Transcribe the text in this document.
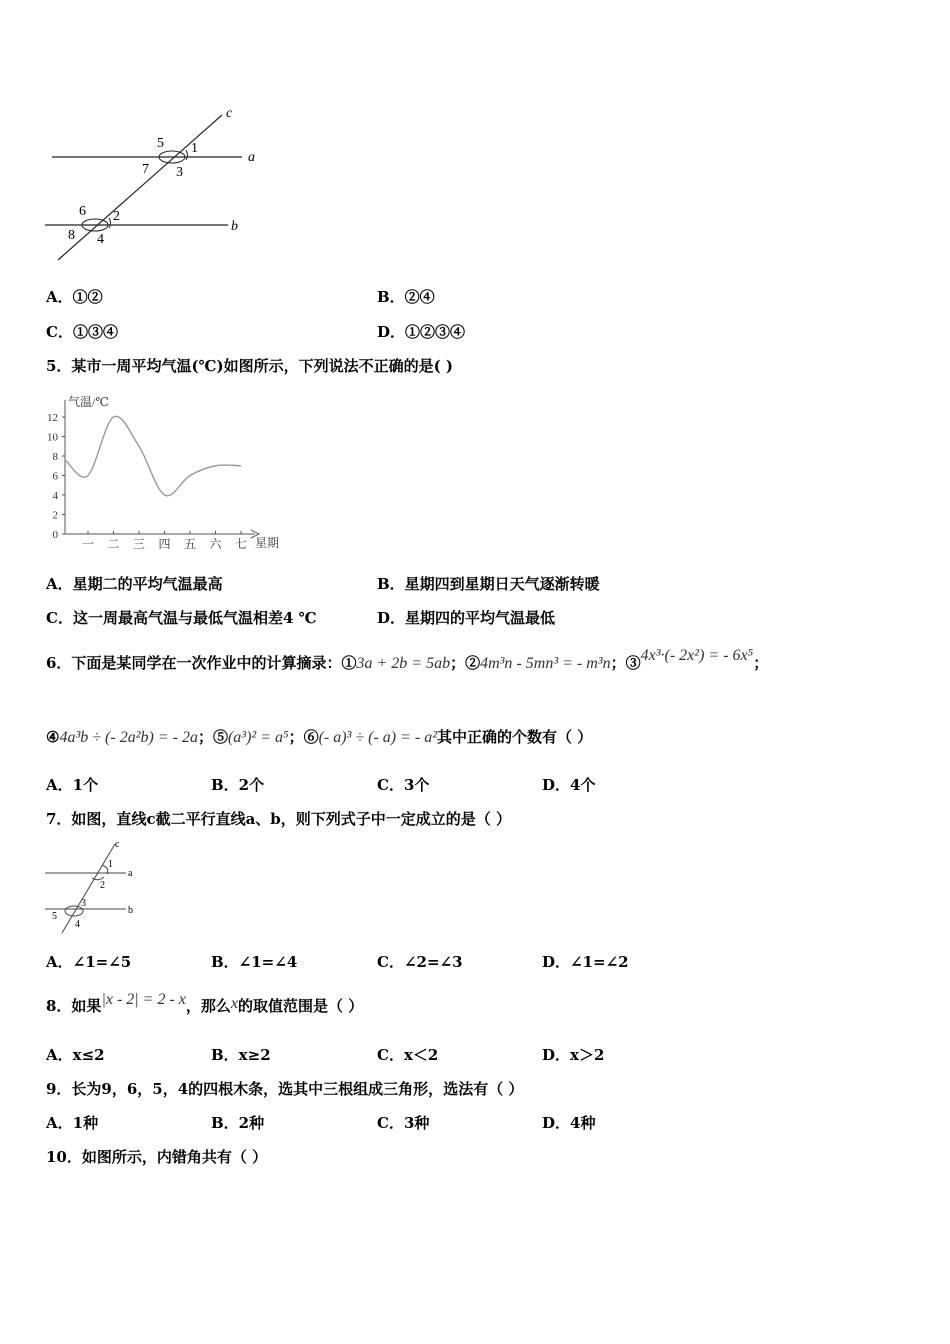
c
a
b
5 1
7 3
6 2
8 4
A．①②	B．②④
C．①③④	D．①②③④
5．某市一周平均气温(℃)如图所示，下列说法不正确的是( )
0
2
4
6
8
10
12
一 二 三 四 五 六 七
气温/℃
星期
A．星期二的平均气温最高	B．星期四到星期日天气逐渐转暖
C．这一周最高气温与最低气温相差4 ℃	D．星期四的平均气温最低
6．下面是某同学在一次作业中的计算摘录：①3a + 2b = 5ab；②4m³n - 5mn³ = - m³n；③4x³·(- 2x²) = - 6x⁵；
④4a³b ÷ (- 2a²b) = - 2a；⑤(a³)² = a⁵；⑥(- a)³ ÷ (- a) = - a²其中正确的个数有（ ）
A．1个	B．2个	C．3个	D．4个
7．如图，直线c截二平行直线a、b，则下列式子中一定成立的是（ ）
c
a
b
1
2
3
5
4
A．∠1=∠5	B．∠1=∠4	C．∠2=∠3	D．∠1=∠2
8．如果|x - 2| = 2 - x，那么x的取值范围是（ ）
A．x≤2	B．x≥2	C．x＜2	D．x＞2
9．长为9，6，5，4的四根木条，选其中三根组成三角形，选法有（ ）
A．1种	B．2种	C．3种	D．4种
10．如图所示，内错角共有（ ）
